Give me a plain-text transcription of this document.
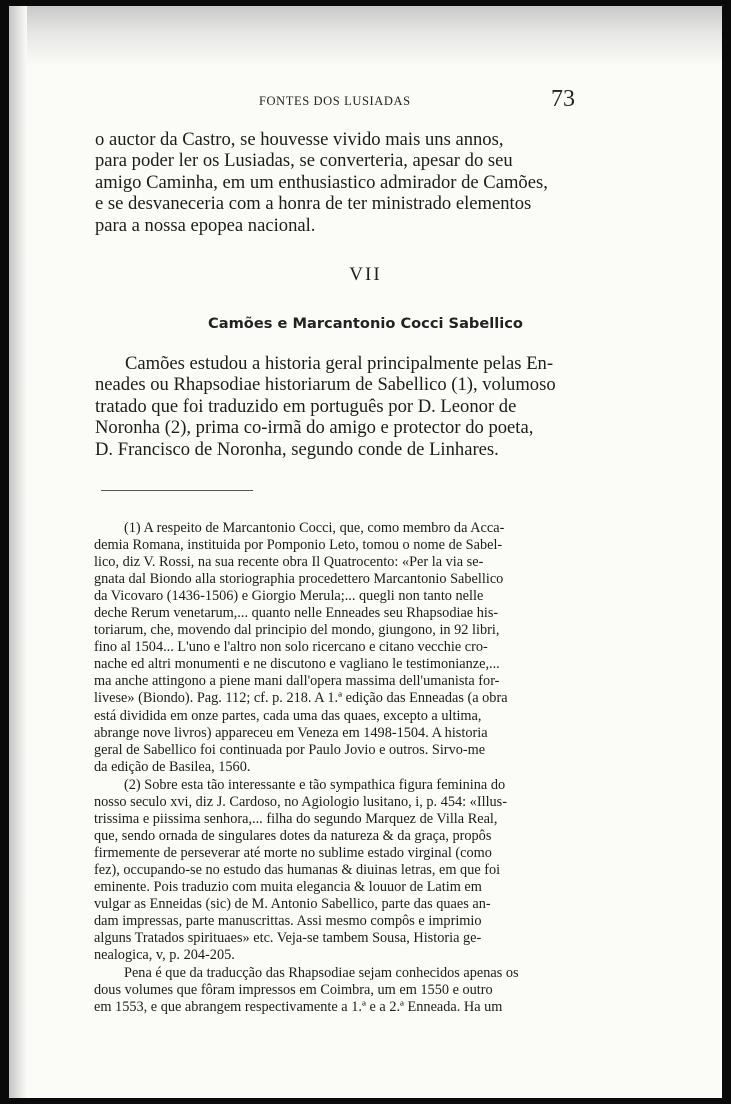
FONTES DOS LUSIADAS	73
o auctor da Castro, se houvesse vivido mais uns annos,
para poder ler os Lusiadas, se converteria, apesar do seu
amigo Caminha, em um enthusiastico admirador de Camões,
e se desvaneceria com a honra de ter ministrado elementos
para a nossa epopea nacional.
VII
Camões e Marcantonio Cocci Sabellico
Camões estudou a historia geral principalmente pelas En-
neades ou Rhapsodiae historiarum de Sabellico (1), volumoso
tratado que foi traduzido em português por D. Leonor de
Noronha (2), prima co-irmã do amigo e protector do poeta,
D. Francisco de Noronha, segundo conde de Linhares.
(1) A respeito de Marcantonio Cocci, que, como membro da Acca-
demia Romana, instituida por Pomponio Leto, tomou o nome de Sabel-
lico, diz V. Rossi, na sua recente obra Il Quatrocento: «Per la via se-
gnata dal Biondo alla storiographia procedettero Marcantonio Sabellico
da Vicovaro (1436-1506) e Giorgio Merula;... quegli non tanto nelle
deche Rerum venetarum,... quanto nelle Enneades seu Rhapsodiae his-
toriarum, che, movendo dal principio del mondo, giungono, in 92 libri,
fino al 1504... L'uno e l'altro non solo ricercano e citano vecchie cro-
nache ed altri monumenti e ne discutono e vagliano le testimonianze,...
ma anche attingono a piene mani dall'opera massima dell'umanista for-
livese» (Biondo). Pag. 112; cf. p. 218. A 1.ª edição das Enneadas (a obra
está dividida em onze partes, cada uma das quaes, excepto a ultima,
abrange nove livros) appareceu em Veneza em 1498-1504. A historia
geral de Sabellico foi continuada por Paulo Jovio e outros. Sirvo-me
da edição de Basilea, 1560.
(2) Sobre esta tão interessante e tão sympathica figura feminina do
nosso seculo xvi, diz J. Cardoso, no Agiologio lusitano, i, p. 454: «Illus-
trissima e piissima senhora,... filha do segundo Marquez de Villa Real,
que, sendo ornada de singulares dotes da natureza & da graça, propôs
firmemente de perseverar até morte no sublime estado virginal (como
fez), occupando-se no estudo das humanas & diuinas letras, em que foi
eminente. Pois traduzio com muita elegancia & louuor de Latim em
vulgar as Enneidas (sic) de M. Antonio Sabellico, parte das quaes an-
dam impressas, parte manuscrittas. Assi mesmo compôs e imprimio
alguns Tratados spirituaes» etc. Veja-se tambem Sousa, Historia ge-
nealogica, v, p. 204-205.
Pena é que da traducção das Rhapsodiae sejam conhecidos apenas os
dous volumes que fôram impressos em Coimbra, um em 1550 e outro
em 1553, e que abrangem respectivamente a 1.ª e a 2.ª Enneada. Ha um
